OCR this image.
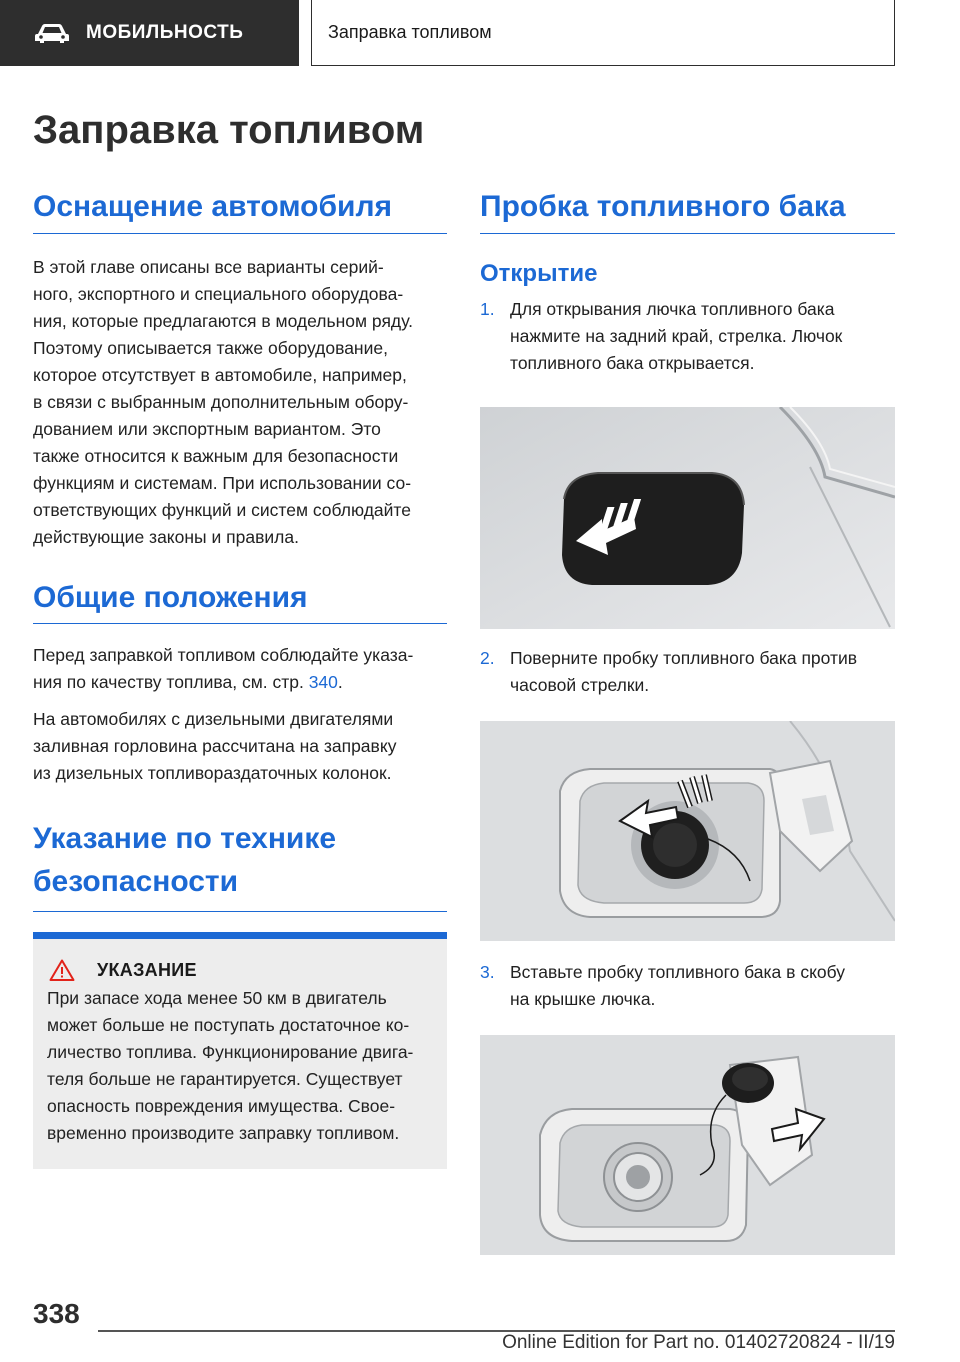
МОБИЛЬНОСТЬ	Заправка топливом
Заправка топливом
Оснащение автомобиля

В этой главе описаны все варианты серий-
ного, экспортного и специального оборудова-
ния, которые предлагаются в модельном ряду.
Поэтому описывается также оборудование,
которое отсутствует в автомобиле, например,
в связи с выбранным дополнительным обору-
дованием или экспортным вариантом. Это
также относится к важным для безопасности
функциям и системам. При использовании со-
ответствующих функций и систем соблюдайте
действующие законы и правила.

Общие положения

Перед заправкой топливом соблюдайте указа-
ния по качеству топлива, см. стр. 340.

На автомобилях с дизельными двигателями
заливная горловина рассчитана на заправку
из дизельных топливораздаточных колонок.

Указание по технике
безопасности
УКАЗАНИЕ

При запасе хода менее 50 км в двигатель
может больше не поступать достаточное ко-
личество топлива. Функционирование двига-
теля больше не гарантируется. Существует
опасность повреждения имущества. Свое-
временно производите заправку топливом.

Пробка топливного бака
Открытие
1. Для открывания лючка топливного бака
нажмите на задний край, стрелка. Лючок
топливного бака открывается.
2. Поверните пробку топливного бака против
часовой стрелки.
3. Вставьте пробку топливного бака в скобу
на крышке лючка.
338
Online Edition for Part no. 01402720824 - II/19
